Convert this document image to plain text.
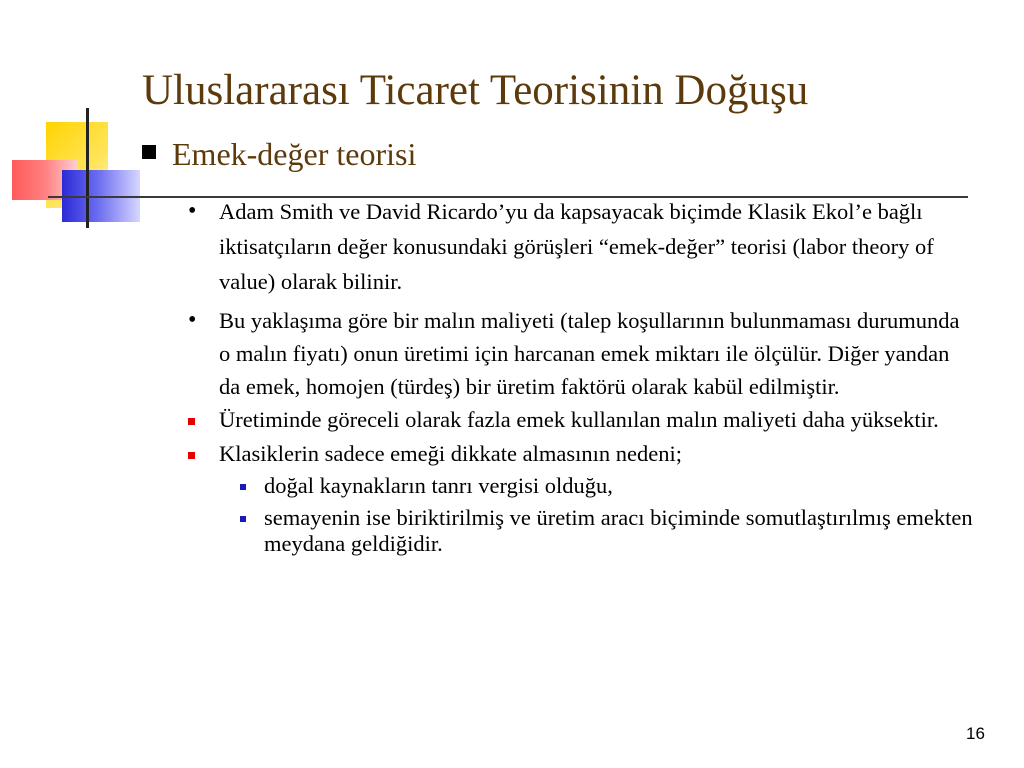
Uluslararası Ticaret Teorisinin Doğuşu
Emek-değer teorisi
• Adam Smith ve David Ricardo’yu da kapsayacak biçimde Klasik Ekol’e bağlı iktisatçıların değer konusundaki görüşleri “emek-değer” teorisi (labor theory of value) olarak bilinir.
• Bu yaklaşıma göre bir malın maliyeti (talep koşullarının bulunmaması durumunda o malın fiyatı) onun üretimi için harcanan emek miktarı ile ölçülür. Diğer yandan da emek, homojen (türdeş) bir üretim faktörü olarak kabül edilmiştir.
Üretiminde göreceli olarak fazla emek kullanılan malın maliyeti daha yüksektir.
Klasiklerin sadece emeği dikkate almasının nedeni;
doğal kaynakların tanrı vergisi olduğu,
semayenin ise biriktirilmiş ve üretim aracı biçiminde somutlaştırılmış emekten meydana geldiğidir.
16
